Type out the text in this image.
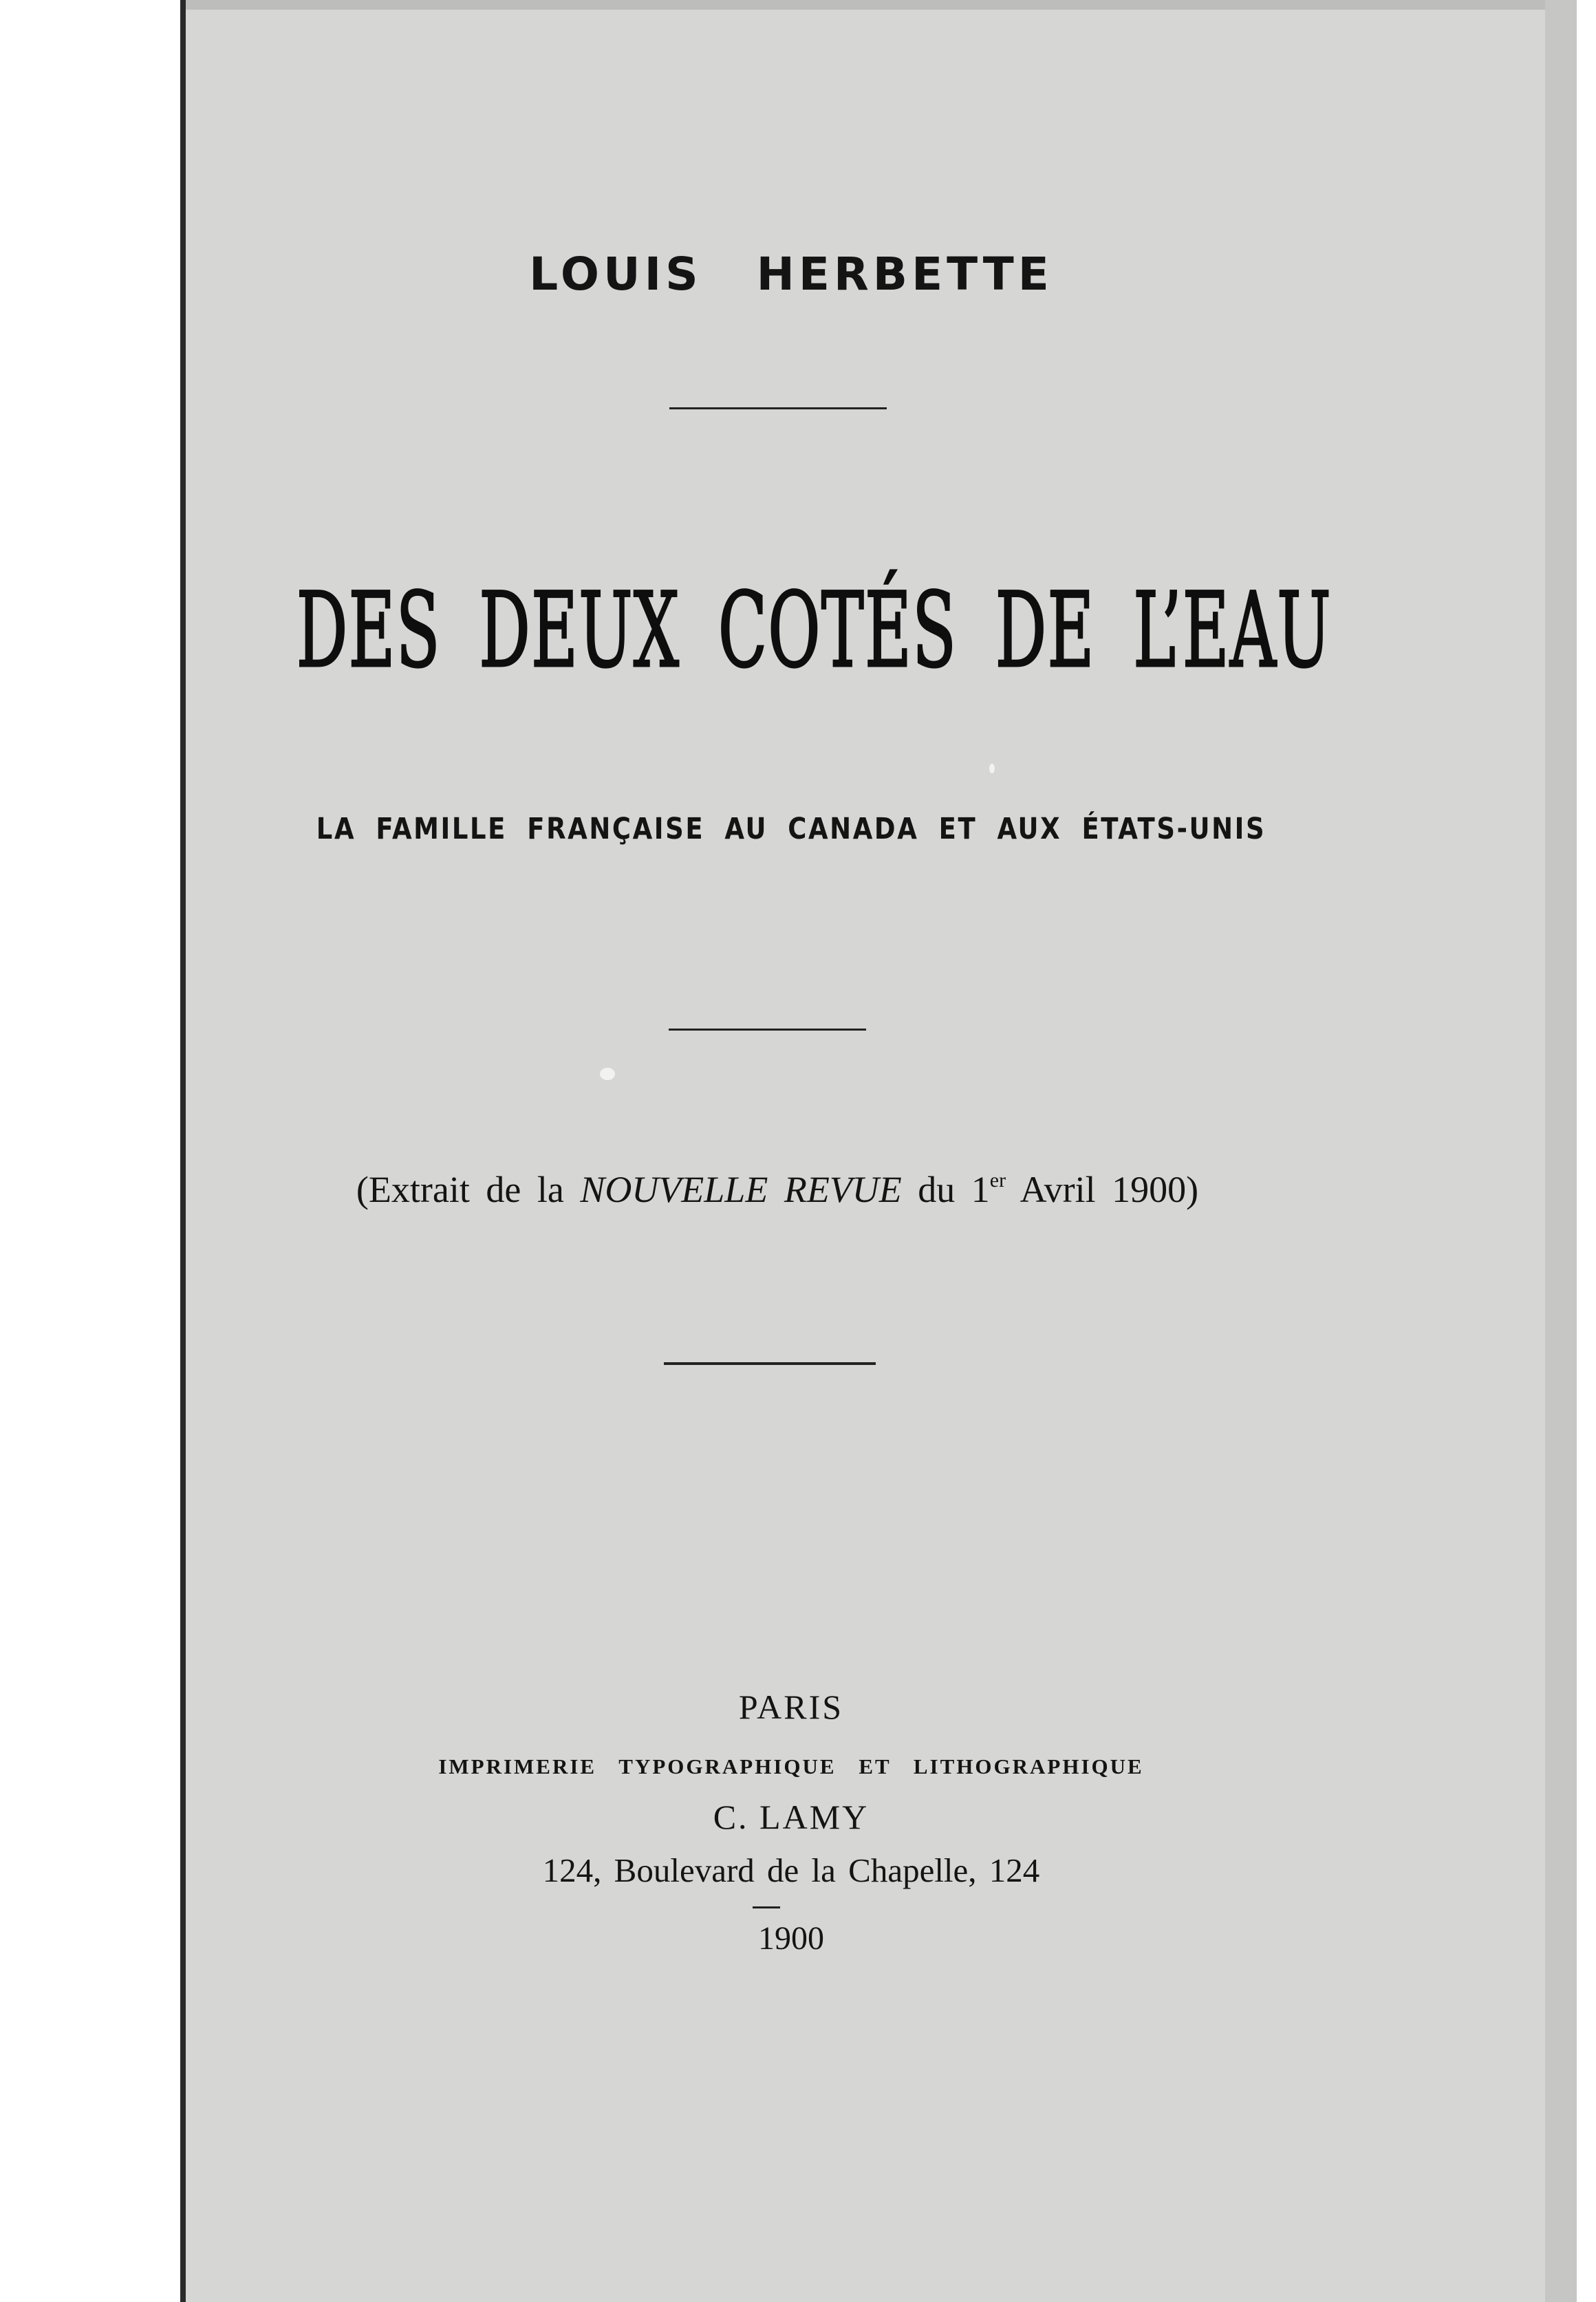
LOUIS HERBETTE
DES DEUX COTÉS DE L’EAU
LA FAMILLE FRANÇAISE AU CANADA ET AUX ÉTATS-UNIS
(Extrait de la NOUVELLE REVUE du 1er Avril 1900)
PARIS
IMPRIMERIE TYPOGRAPHIQUE ET LITHOGRAPHIQUE
C. LAMY
124, Boulevard de la Chapelle, 124
1900
